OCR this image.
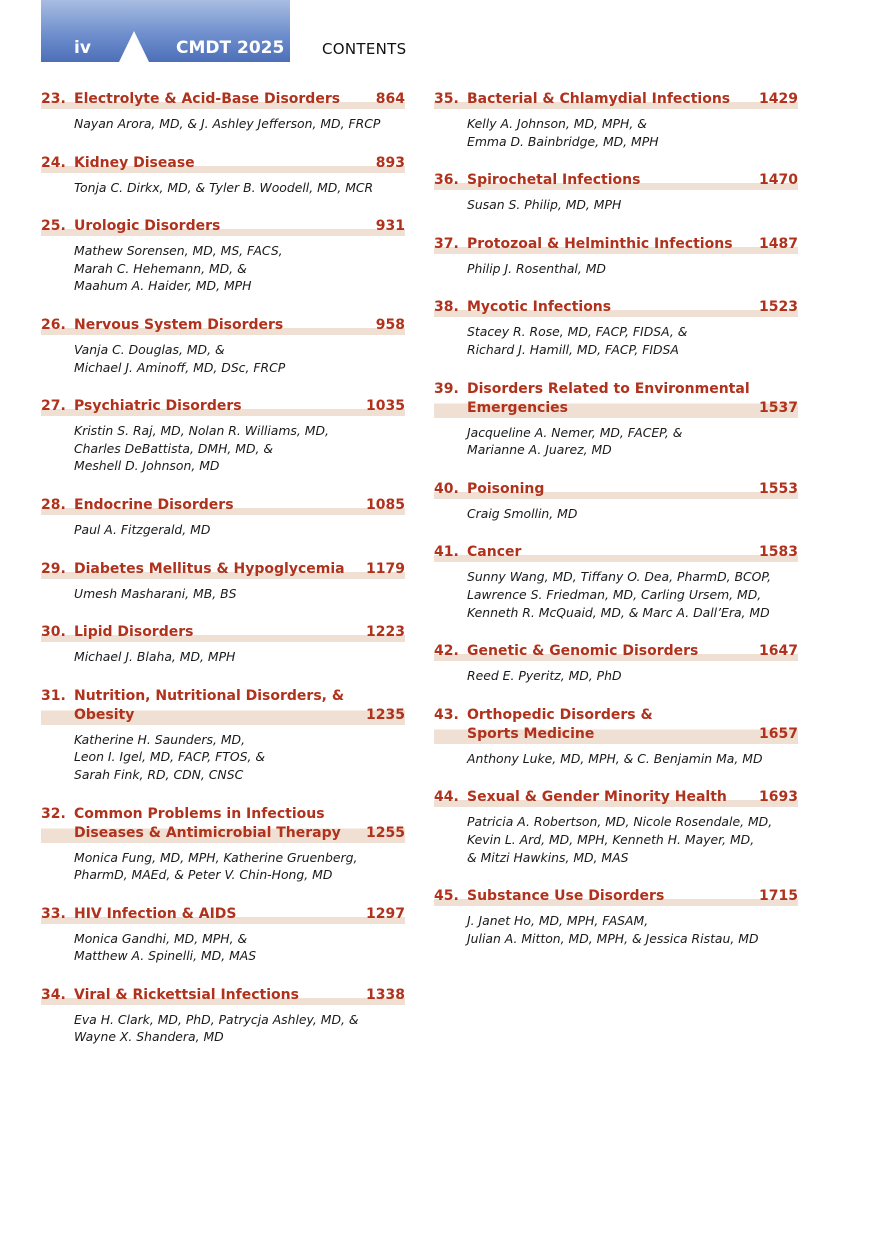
iv	CMDT 2025	CONTENTS
23. Electrolyte & Acid-Base Disorders	864
Nayan Arora, MD, & J. Ashley Jefferson, MD, FRCP
24. Kidney Disease	893
Tonja C. Dirkx, MD, & Tyler B. Woodell, MD, MCR
25. Urologic Disorders	931
Mathew Sorensen, MD, MS, FACS,
Marah C. Hehemann, MD, &
Maahum A. Haider, MD, MPH
26. Nervous System Disorders	958
Vanja C. Douglas, MD, &
Michael J. Aminoff, MD, DSc, FRCP
27. Psychiatric Disorders	1035
Kristin S. Raj, MD, Nolan R. Williams, MD,
Charles DeBattista, DMH, MD, &
Meshell D. Johnson, MD
28. Endocrine Disorders	1085
Paul A. Fitzgerald, MD
29. Diabetes Mellitus & Hypoglycemia 1179
Umesh Masharani, MB, BS
30. Lipid Disorders	1223
Michael J. Blaha, MD, MPH
31. Nutrition, Nutritional Disorders, &
Obesity	1235
Katherine H. Saunders, MD,
Leon I. Igel, MD, FACP, FTOS, &
Sarah Fink, RD, CDN, CNSC
32. Common Problems in Infectious
Diseases & Antimicrobial Therapy 1255
Monica Fung, MD, MPH, Katherine Gruenberg,
PharmD, MAEd, & Peter V. Chin-Hong, MD
33. HIV Infection & AIDS	1297
Monica Gandhi, MD, MPH, &
Matthew A. Spinelli, MD, MAS
34. Viral & Rickettsial Infections	1338
Eva H. Clark, MD, PhD, Patrycja Ashley, MD, &
Wayne X. Shandera, MD
35. Bacterial & Chlamydial Infections 1429
Kelly A. Johnson, MD, MPH, &
Emma D. Bainbridge, MD, MPH
36. Spirochetal Infections	1470
Susan S. Philip, MD, MPH
37. Protozoal & Helminthic Infections 1487
Philip J. Rosenthal, MD
38. Mycotic Infections	1523
Stacey R. Rose, MD, FACP, FIDSA, &
Richard J. Hamill, MD, FACP, FIDSA
39. Disorders Related to Environmental
Emergencies	1537
Jacqueline A. Nemer, MD, FACEP, &
Marianne A. Juarez, MD
40. Poisoning	1553
Craig Smollin, MD
41. Cancer	1583
Sunny Wang, MD, Tiffany O. Dea, PharmD, BCOP,
Lawrence S. Friedman, MD, Carling Ursem, MD,
Kenneth R. McQuaid, MD, & Marc A. Dall’Era, MD
42. Genetic & Genomic Disorders	1647
Reed E. Pyeritz, MD, PhD
43. Orthopedic Disorders &
Sports Medicine	1657
Anthony Luke, MD, MPH, & C. Benjamin Ma, MD
44. Sexual & Gender Minority Health 1693
Patricia A. Robertson, MD, Nicole Rosendale, MD,
Kevin L. Ard, MD, MPH, Kenneth H. Mayer, MD,
& Mitzi Hawkins, MD, MAS
45. Substance Use Disorders	1715
J. Janet Ho, MD, MPH, FASAM,
Julian A. Mitton, MD, MPH, & Jessica Ristau, MD
